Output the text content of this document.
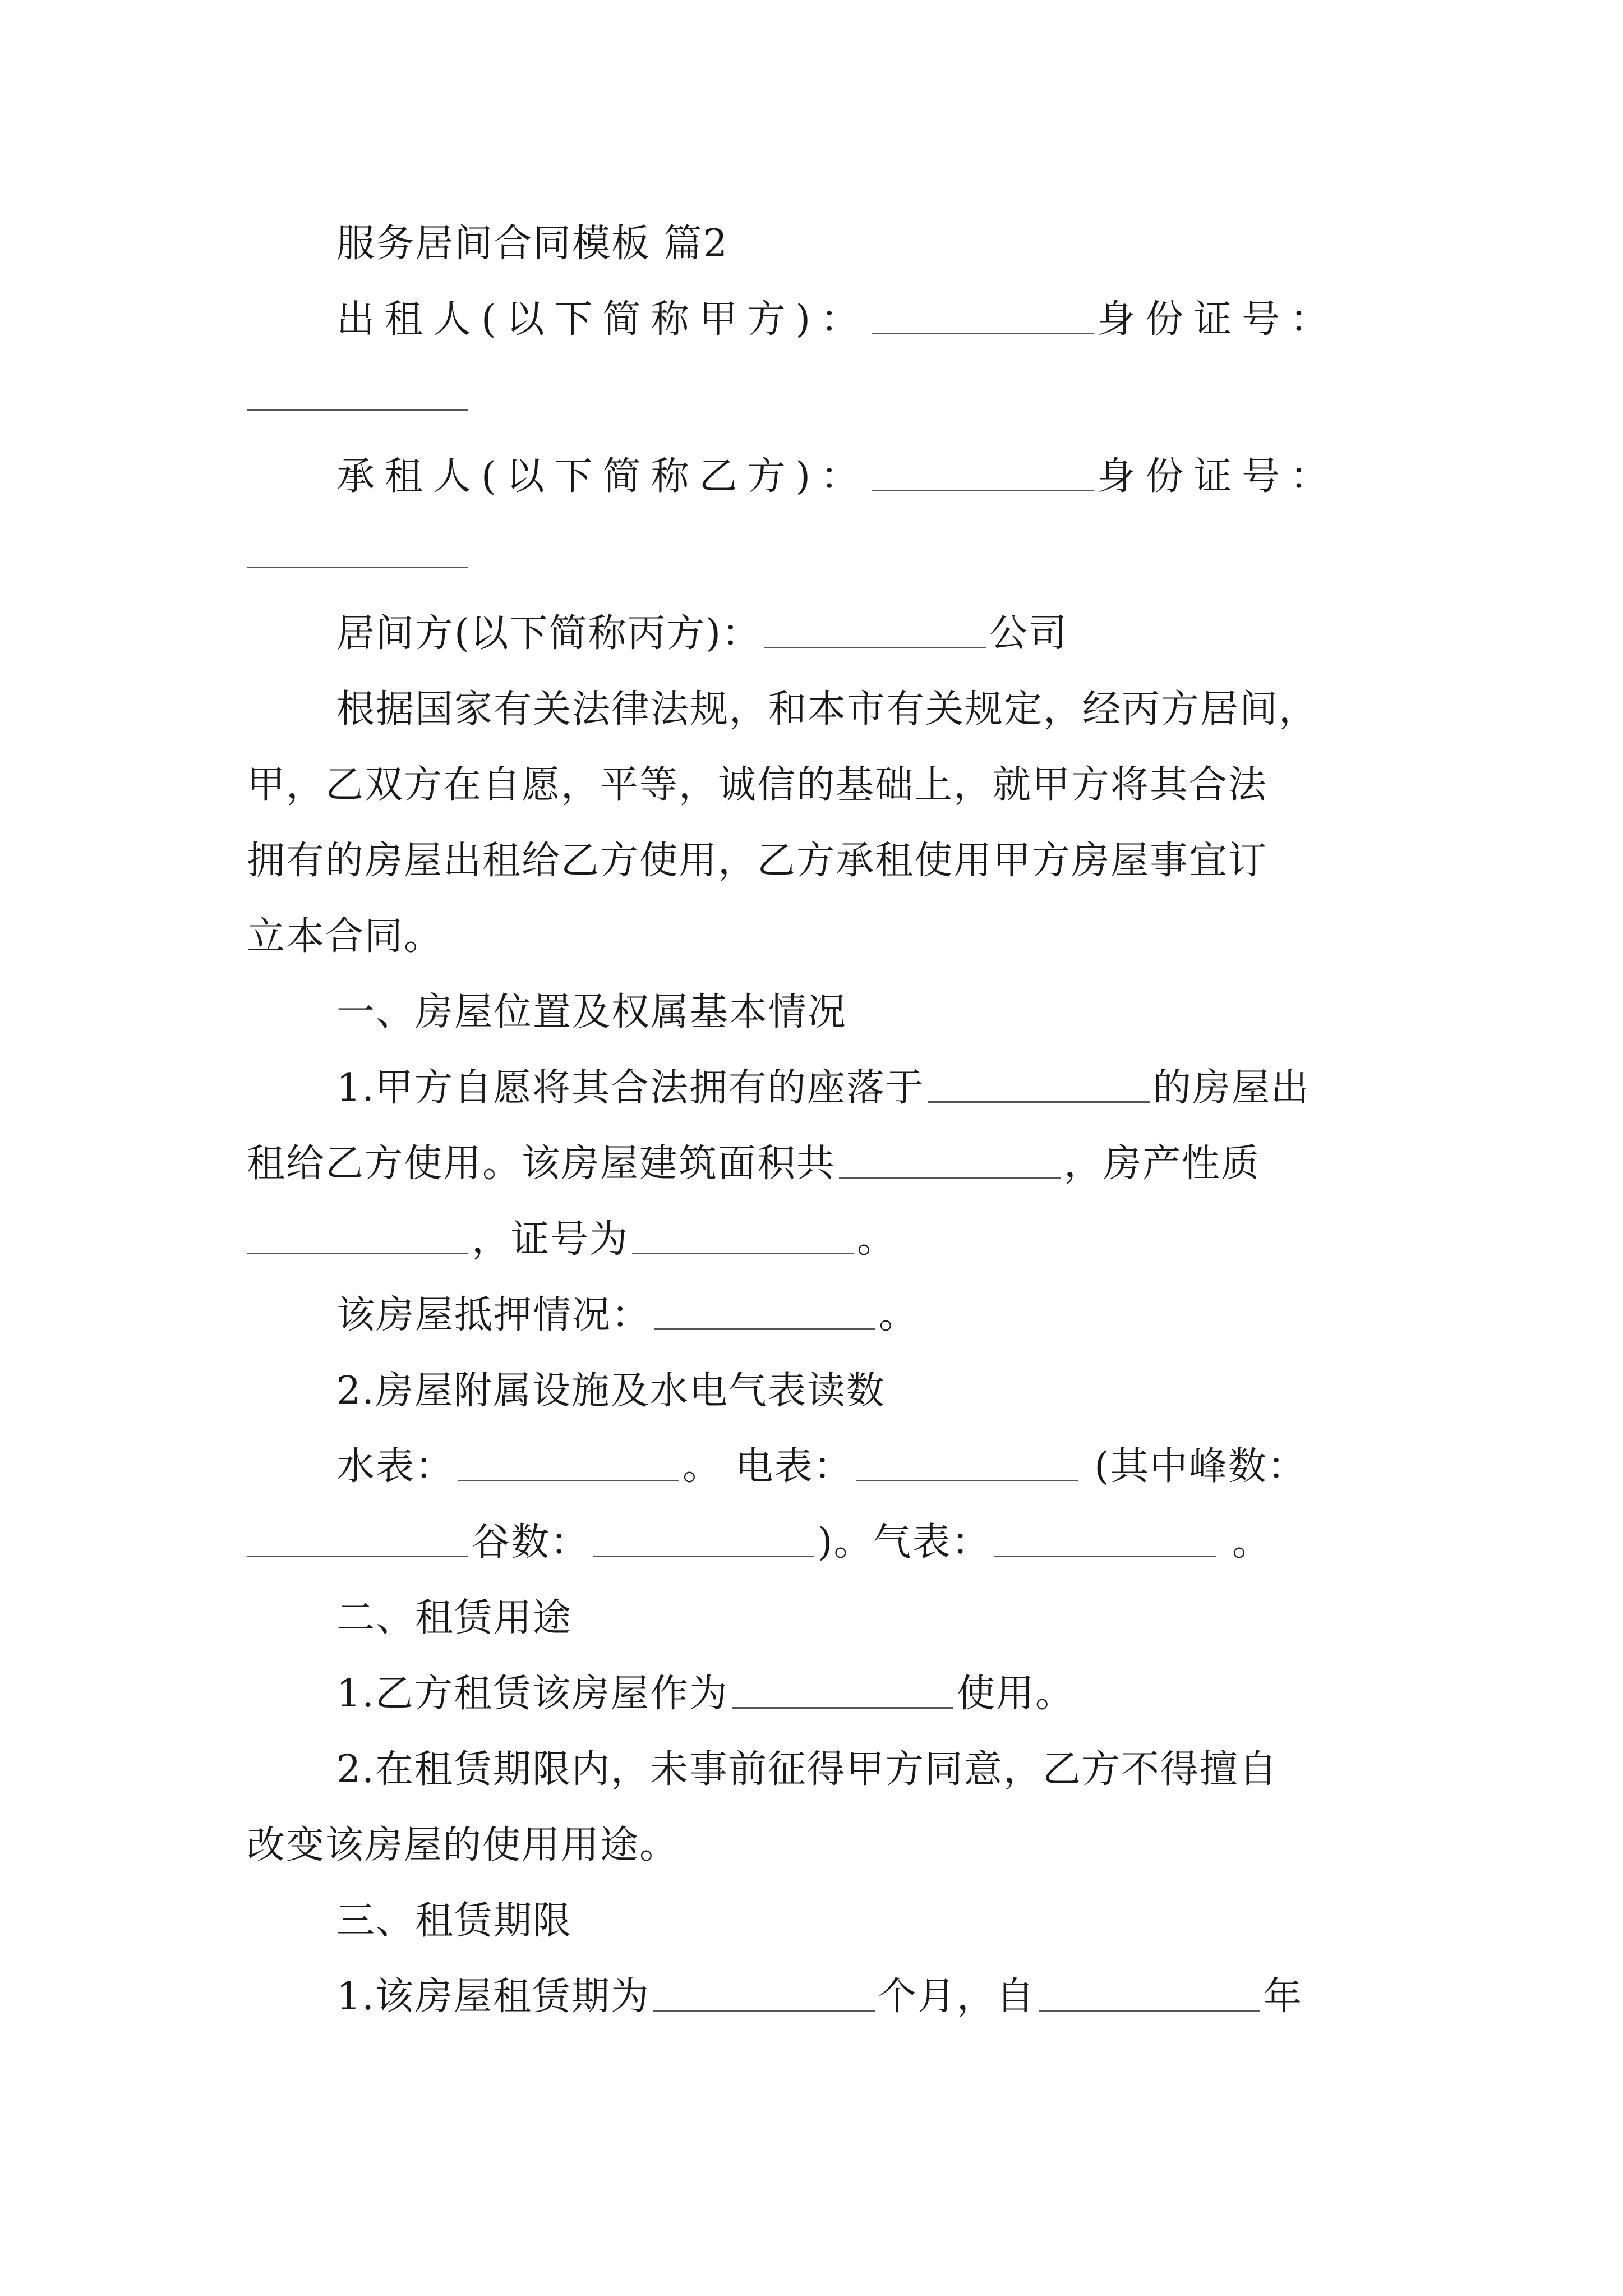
服务居间合同模板 篇2
出租人(以下简称甲方)：	身份证号：
承租人(以下简称乙方)：	身份证号：
居间方(以下简称丙方)：	公司
根据国家有关法律法规，和本市有关规定，经丙方居间，
甲，乙双方在自愿，平等，诚信的基础上，就甲方将其合法
拥有的房屋出租给乙方使用，乙方承租使用甲方房屋事宜订
立本合同。
一、房屋位置及权属基本情况
1.甲方自愿将其合法拥有的座落于	的房屋出
租给乙方使用。该房屋建筑面积共	，房产性质
，证号为	。
该房屋抵押情况：	。
2.房屋附属设施及水电气表读数
水表：	。 电表：	(其中峰数：
谷数：	)。气表：	。
二、租赁用途
1.乙方租赁该房屋作为	使用。
2.在租赁期限内，未事前征得甲方同意，乙方不得擅自
改变该房屋的使用用途。
三、租赁期限
1.该房屋租赁期为	个月，自	年
